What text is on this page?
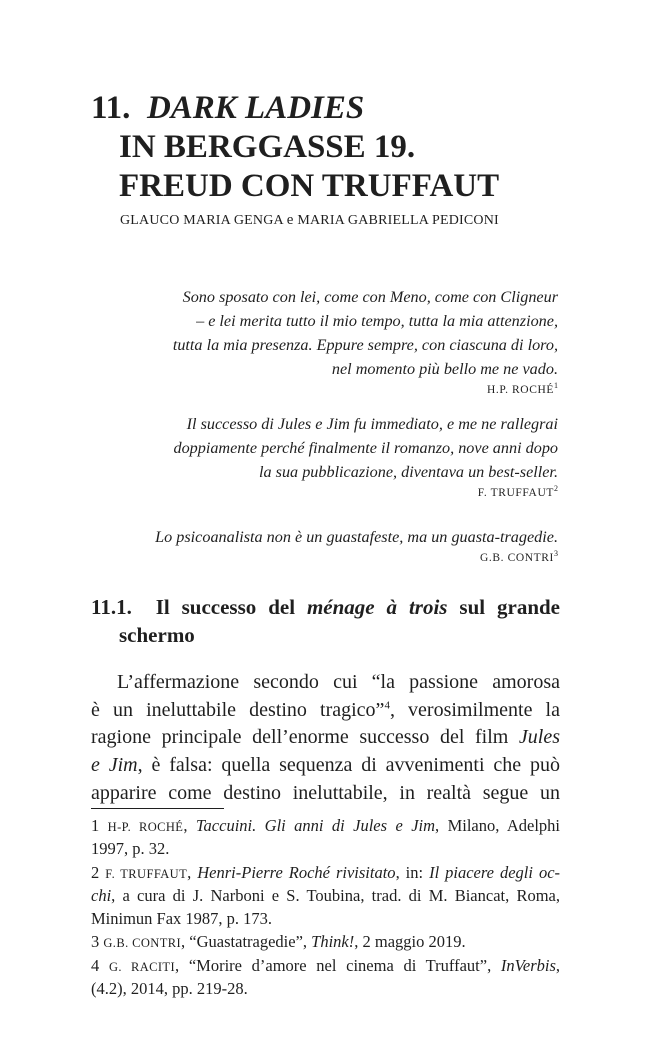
11. DARK LADIES
IN BERGGASSE 19.
FREUD CON TRUFFAUT
GLAUCO MARIA GENGA e MARIA GABRIELLA PEDICONI
Sono sposato con lei, come con Meno, come con Cligneur
– e lei merita tutto il mio tempo, tutta la mia attenzione,
tutta la mia presenza. Eppure sempre, con ciascuna di loro,
nel momento più bello me ne vado.
H.P. ROCHÉ$^1$
Il successo di Jules e Jim fu immediato, e me ne rallegrai
doppiamente perché finalmente il romanzo, nove anni dopo
la sua pubblicazione, diventava un best-seller.
F. TRUFFAUT$^2$
Lo psicoanalista non è un guastafeste, ma un guasta-tragedie.
G.B. CONTRI$^3$
11.1. Il successo del ménage à trois sul grande
schermo
L’affermazione secondo cui “la passione amorosa
è un ineluttabile destino tragico”$^4$, verosimilmente la
ragione principale dell’enorme successo del film Jules
e Jim, è falsa: quella sequenza di avvenimenti che può
apparire come destino ineluttabile, in realtà segue un
1 H-P. ROCHÉ, Taccuini. Gli anni di Jules e Jim, Milano, Adelphi
1997, p. 32.
2 F. TRUFFAUT, Henri-Pierre Roché rivisitato, in: Il piacere degli oc-
chi, a cura di J. Narboni e S. Toubina, trad. di M. Biancat, Roma,
Minimun Fax 1987, p. 173.
3 G.B. CONTRI, “Guastatragedie”, Think!, 2 maggio 2019.
4 G. RACITI, “Morire d’amore nel cinema di Truffaut”, InVerbis,
(4.2), 2014, pp. 219-28.
